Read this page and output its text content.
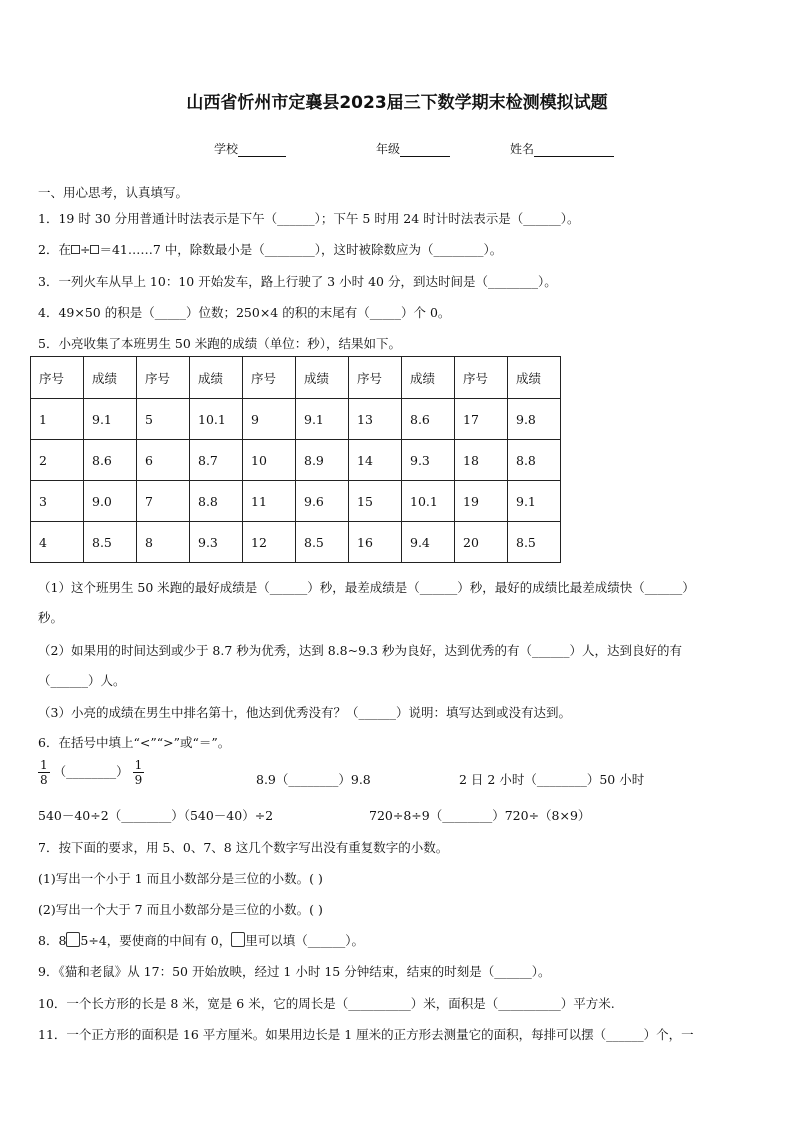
山西省忻州市定襄县2023届三下数学期末检测模拟试题
学校	年级	姓名
一、用心思考，认真填写。
1．19 时 30 分用普通计时法表示是下午（______）；下午 5 时用 24 时计时法表示是（______）。
2．在 ÷ ＝41……7 中，除数最小是（________），这时被除数应为（________）。
3．一列火车从早上 10：10 开始发车，路上行驶了 3 小时 40 分，到达时间是（________）。
4．49×50 的积是（_____）位数；250×4 的积的末尾有（_____）个 0。
5．小亮收集了本班男生 50 米跑的成绩（单位：秒），结果如下。
序号	成绩	序号	成绩	序号	成绩	序号	成绩	序号	成绩
1	9.1	5	10.1	9	9.1	13	8.6	17	9.8
2	8.6	6	8.7	10	8.9	14	9.3	18	8.8
3	9.0	7	8.8	11	9.6	15	10.1	19	9.1
4	8.5	8	9.3	12	8.5	16	9.4	20	8.5
（1）这个班男生 50 米跑的最好成绩是（______）秒，最差成绩是（______）秒，最好的成绩比最差成绩快（______）
秒。
（2）如果用的时间达到或少于 8.7 秒为优秀，达到 8.8~9.3 秒为良好，达到优秀的有（______）人，达到良好的有
（______）人。
（3）小亮的成绩在男生中排名第十，他达到优秀没有？（______）说明：填写达到或没有达到。
6．在括号中填上“<”“>”或“＝”。
$\frac{1}{8}$ （________） $\frac{1}{9}$	8.9（________）9.8	2 日 2 小时（________）50 小时
540－40÷2（________）（540－40）÷2	720÷8÷9（________）720÷（8×9）
7．按下面的要求，用 5、0、7、8 这几个数字写出没有重复数字的小数。
(1)写出一个小于 1 而且小数部分是三位的小数。( )
(2)写出一个大于 7 而且小数部分是三位的小数。( )
8．8 5÷4，要使商的中间有 0， 里可以填（______）。
9．《猫和老鼠》从 17：50 开始放映，经过 1 小时 15 分钟结束，结束的时刻是（______）。
10．一个长方形的长是 8 米，宽是 6 米，它的周长是（__________）米，面积是（__________）平方米.
11．一个正方形的面积是 16 平方厘米。如果用边长是 1 厘米的正方形去测量它的面积，每排可以摆（______）个，一
